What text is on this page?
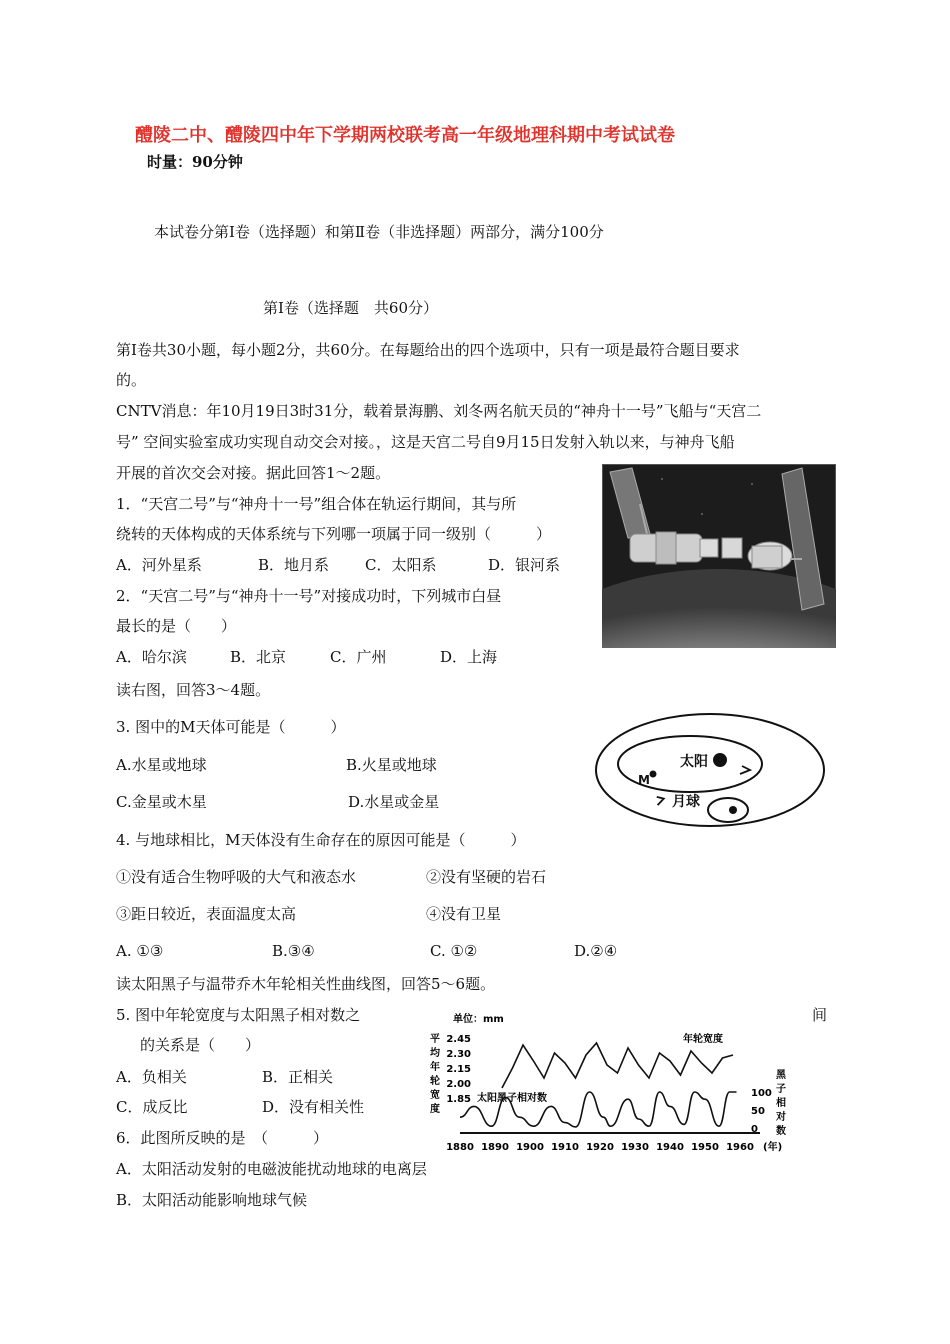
醴陵二中、醴陵四中年下学期两校联考高一年级地理科期中考试试卷
时量：90分钟
本试卷分第Ⅰ卷（选择题）和第Ⅱ卷（非选择题）两部分，满分100分
第Ⅰ卷（选择题　共60分）
第Ⅰ卷共30小题，每小题2分，共60分。在每题给出的四个选项中，只有一项是最符合题目要求
的。
CNTV消息：年10月19日3时31分，载着景海鹏、刘冬两名航天员的“神舟十一号”飞船与“天宫二
号” 空间实验室成功实现自动交会对接。，这是天宫二号自9月15日发射入轨以来，与神舟飞船
开展的首次交会对接。据此回答1～2题。
1．“天宫二号”与“神舟十一号”组合体在轨运行期间，其与所
绕转的天体构成的天体系统与下列哪一项属于同一级别（　　　）
A．河外星系	B．地月系 C．太阳系	D．银河系
2．“天宫二号”与“神舟十一号”对接成功时，下列城市白昼
最长的是（　　）
A．哈尔滨	B．北京	C．广州	D．上海
读右图，回答3～4题。
3. 图中的M天体可能是（　　　）
A.水星或地球	B.火星或地球
C.金星或木星	D.水星或金星
太阳
月球
M
4. 与地球相比，M天体没有生命存在的原因可能是（　　　）
①没有适合生物呼吸的大气和液态水	②没有坚硬的岩石
③距日较近，表面温度太高	④没有卫星
A. ①③	B.③④	C. ①②	D.②④
读太阳黑子与温带乔木年轮相关性曲线图，回答5～6题。
5. 图中年轮宽度与太阳黑子相对数之	间
的关系是（　　）
A．负相关	B．正相关
C．成反比	D．没有相关性
6．此图所反映的是　（　　　）
A．太阳活动发射的电磁波能扰动地球的电离层
B．太阳活动能影响地球气候
单位：mm
平
均
年
轮
宽
度
黑
子
相
对
数
2.45
2.30
2.15
2.00
1.85
100
50
0
1880 1890 1900 1910 1920 1930 1940 1950 1960 (年)
年轮宽度
太阳黑子相对数
